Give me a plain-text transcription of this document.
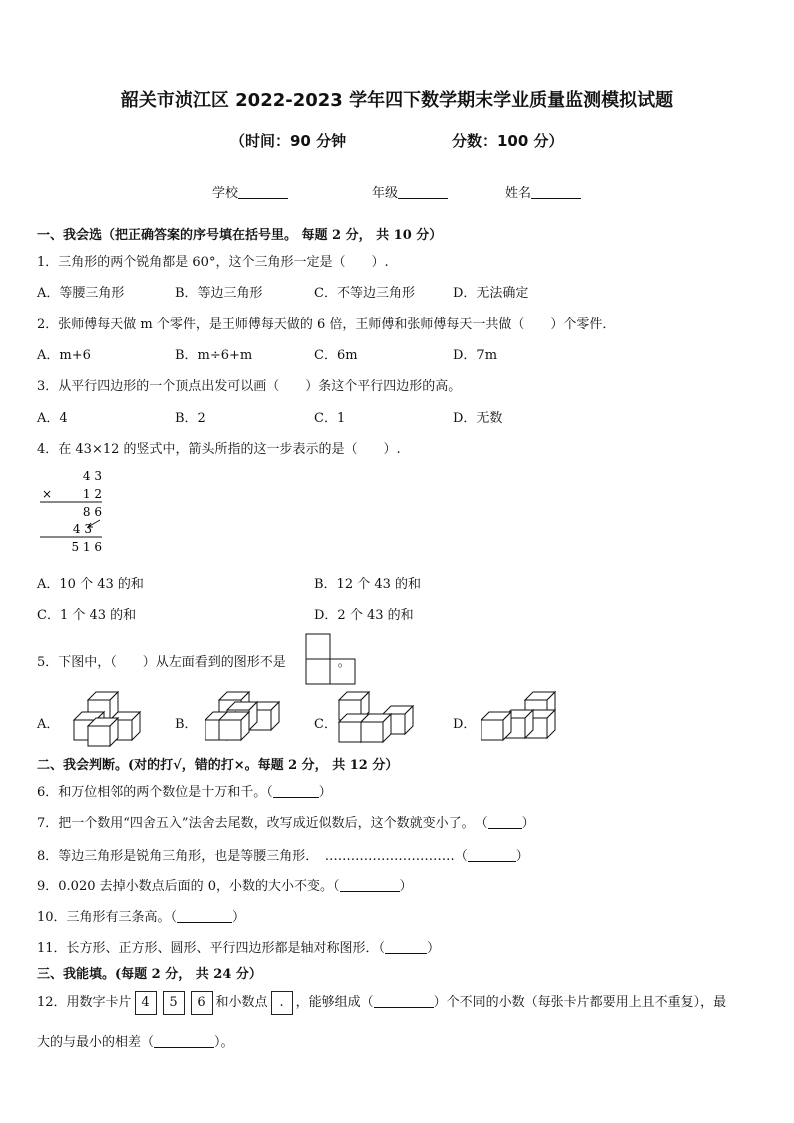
韶关市浈江区 2022-2023 学年四下数学期末学业质量监测模拟试题
（时间：90 分钟	分数：100 分）
学校	年级	姓名
一、我会选（把正确答案的序号填在括号里。 每题 2 分， 共 10 分）
1．三角形的两个锐角都是 60°，这个三角形一定是（　　）.
A．等腰三角形	B．等边三角形	C．不等边三角形	D．无法确定
2．张师傅每天做 m 个零件，是王师傅每天做的 6 倍，王师傅和张师傅每天一共做（　　）个零件．
A．m+6	B．m÷6+m	C．6m	D．7m
3．从平行四边形的一个顶点出发可以画（　　）条这个平行四边形的高。
A．4	B．2	C．1	D．无数
4．在 43×12 的竖式中，箭头所指的这一步表示的是（　　）.
4 3
×	1 2
8 6
4 3
5 1 6
A．10 个 43 的和	B．12 个 43 的和
C．1 个 43 的和	D．2 个 43 的和
5．下图中，（　　）从左面看到的图形不是	。
A．	B．	C．	D．
二、我会判断。(对的打√，错的打×。每题 2 分， 共 12 分）
6．和万位相邻的两个数位是十万和千。（	）
7．把一个数用“四舍五入”法舍去尾数，改写成近似数后，这个数就变小了。　（	）
8．等边三角形是锐角三角形，也是等腰三角形．　…………………………（	）
9．0.020 去掉小数点后面的 0，小数的大小不变。（	）
10．三角形有三条高。（	）
11．长方形、正方形、圆形、平行四边形都是轴对称图形．（	）
三、我能填。(每题 2 分， 共 24 分）
12．用数字卡片 4 5 6 和小数点 . ，能够组成（	）个不同的小数（每张卡片都要用上且不重复），最
大的与最小的相差（	）。
